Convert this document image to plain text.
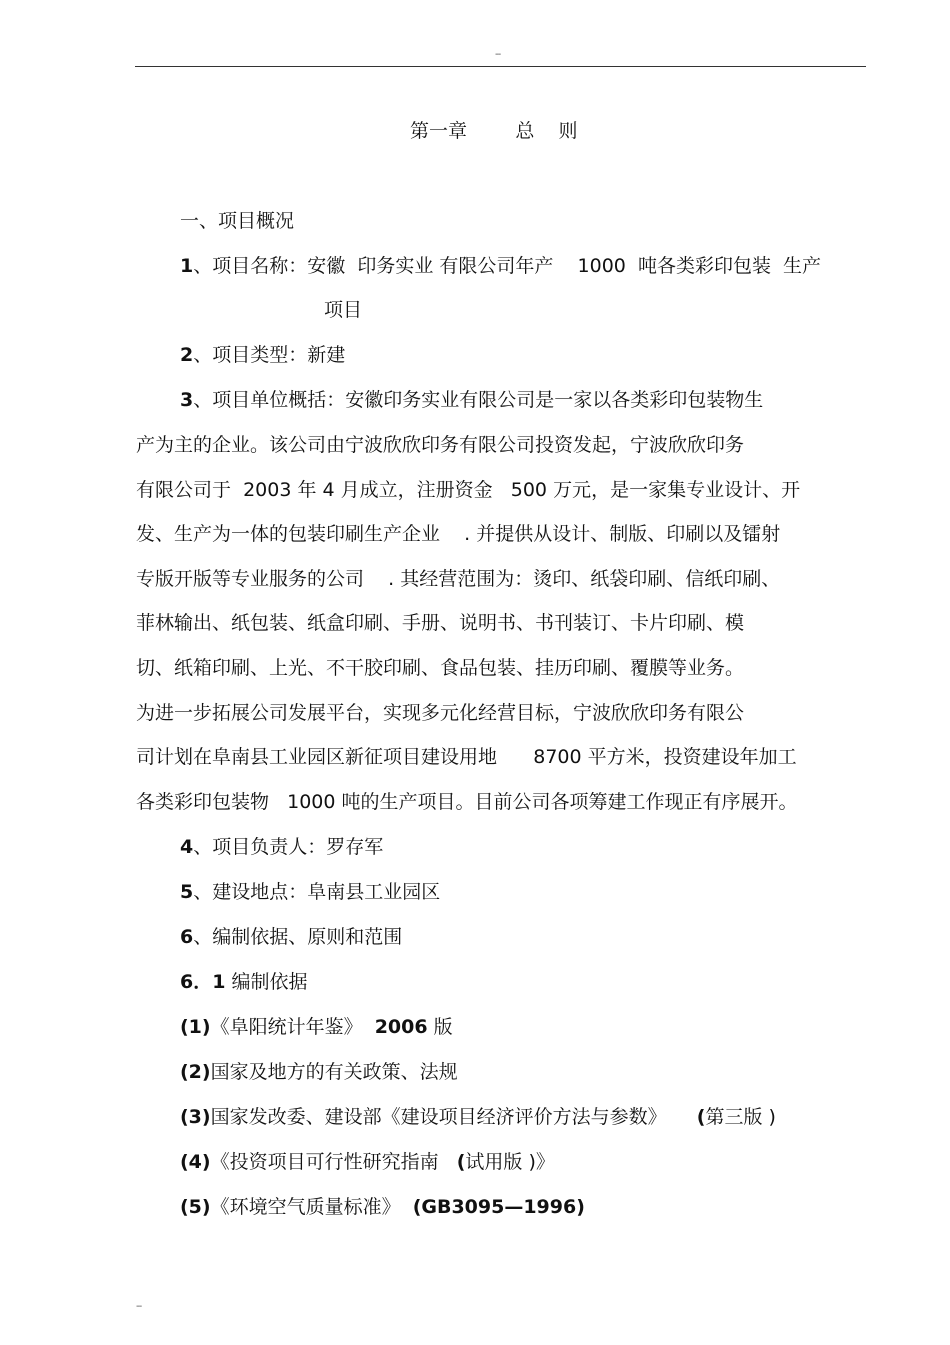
--
第一章        总    则
一、项目概况
1、项目名称：安徽  印务实业 有限公司年产    1000  吨各类彩印包装  生产
项目
2、项目类型：新建
3、项目单位概括：安徽印务实业有限公司是一家以各类彩印包装物生
产为主的企业。该公司由宁波欣欣印务有限公司投资发起，宁波欣欣印务
有限公司于  2003 年 4 月成立，注册资金   500 万元，是一家集专业设计、开
发、生产为一体的包装印刷生产企业    . 并提供从设计、制版、印刷以及镭射
专版开版等专业服务的公司    . 其经营范围为：烫印、纸袋印刷、信纸印刷、
菲林输出、纸包装、纸盒印刷、手册、说明书、书刊装订、卡片印刷、模
切、纸箱印刷、上光、不干胶印刷、食品包装、挂历印刷、覆膜等业务。
为进一步拓展公司发展平台，实现多元化经营目标，宁波欣欣印务有限公
司计划在阜南县工业园区新征项目建设用地      8700 平方米，投资建设年加工
各类彩印包装物   1000 吨的生产项目。目前公司各项筹建工作现正有序展开。
4、项目负责人：罗存军
5、建设地点：阜南县工业园区
6、编制依据、原则和范围
6．1 编制依据
(1)《阜阳统计年鉴》  2006 版
(2)国家及地方的有关政策、法规
(3)国家发改委、建设部《建设项目经济评价方法与参数》     (第三版 )
(4)《投资项目可行性研究指南   (试用版 )》
(5)《环境空气质量标准》  (GB3095—1996)
--
